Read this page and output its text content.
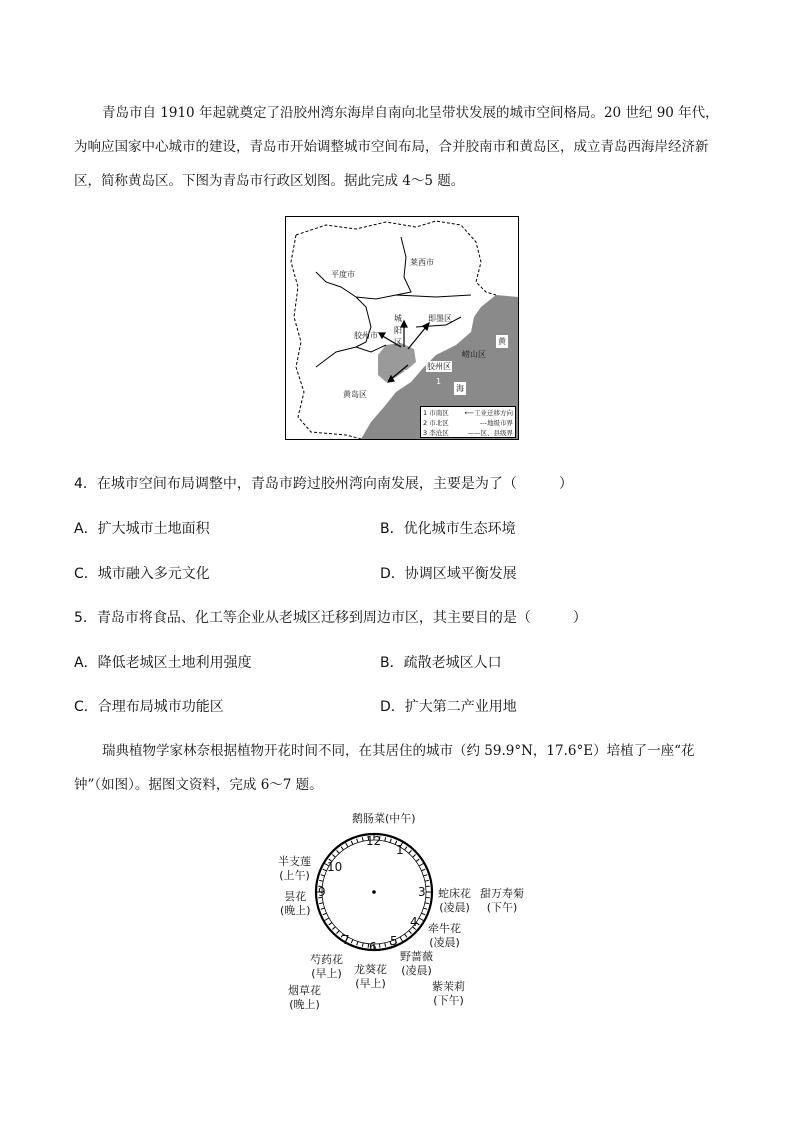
青岛市自 1910 年起就奠定了沿胶州湾东海岸自南向北呈带状发展的城市空间格局。20 世纪 90 年代，为响应国家中心城市的建设，青岛市开始调整城市空间布局，合并胶南市和黄岛区，成立青岛西海岸经济新区，简称黄岛区。下图为青岛市行政区划图。据此完成 4～5 题。
平度市
莱西市
即墨区
城阳区
胶州市
胶州区
崂山区
黄岛区
黄
海
3
2
1
1 市南区 ⟵工业迁移方向
2 市北区	---地级市界
3 李沧区	——区、县级界
4．在城市空间布局调整中，青岛市跨过胶州湾向南发展，主要是为了（　　　）
A．扩大城市土地面积	B．优化城市生态环境
C．城市融入多元文化	D．协调区域平衡发展
5．青岛市将食品、化工等企业从老城区迁移到周边市区，其主要目的是（　　　）
A．降低老城区土地利用强度	B．疏散老城区人口
C．合理布局城市功能区	D．扩大第二产业用地
瑞典植物学家林奈根据植物开花时间不同，在其居住的城市（约 59.9°N，17.6°E）培植了一座“花钟”（如图）。据图文资料，完成 6～7 题。
12
1
3
4
5
6
7
9
10
鹅肠菜(中午)
半支莲
(上午)
昙花
(晚上)
蛇床花
(凌晨)
甜万寿菊
(下午)
牵牛花
(凌晨)
芍药花
(早上)
野蔷薇
(凌晨)
龙葵花
(早上)
烟草花
(晚上)
紫茉莉
(下午)
